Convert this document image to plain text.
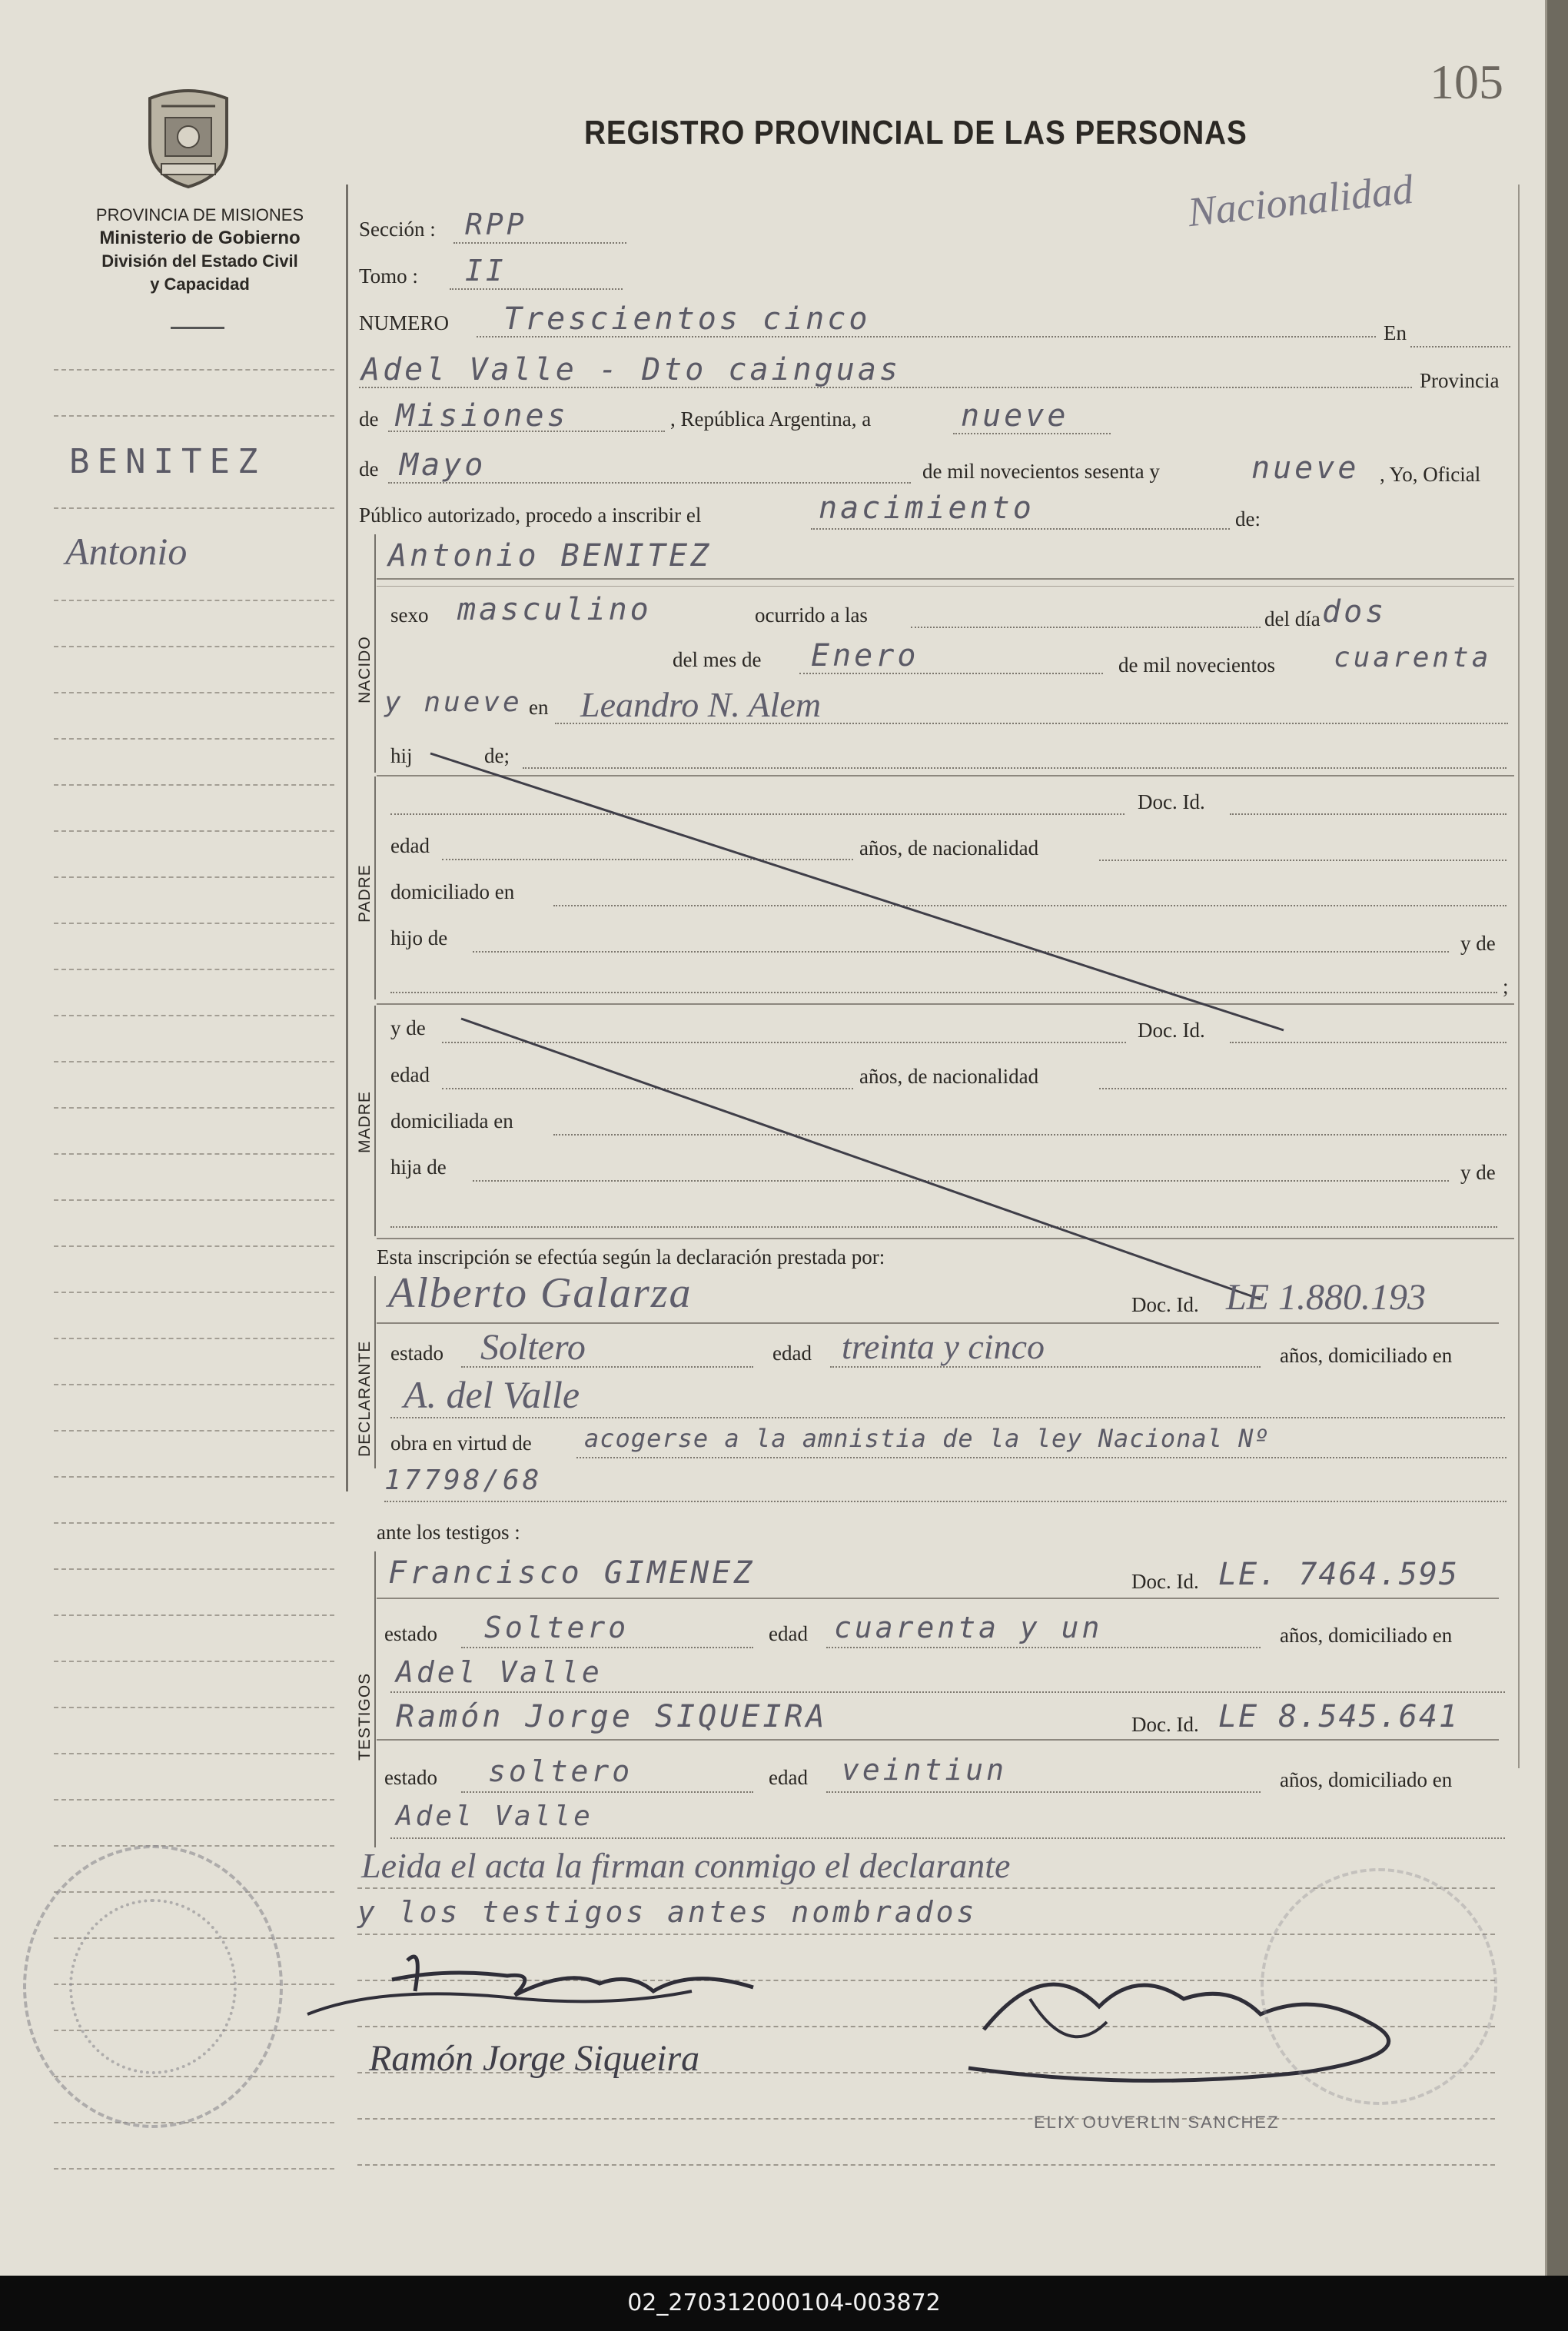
PROVINCIA DE MISIONES
Ministerio de Gobierno
División del Estado Civil
y Capacidad
REGISTRO PROVINCIAL DE LAS PERSONAS
105
Nacionalidad
BENITEZ
Antonio
Sección : RPP
Tomo : II
NUMERO Trescientos cinco	En
Adel Valle - Dto cainguas	Provincia
de Misiones	, República Argentina, a	nueve
de Mayo	de mil novecientos sesenta y	nueve , Yo, Oficial
Público autorizado, procedo a inscribir el	nacimiento	de:
NACIDO
Antonio BENITEZ
sexo masculino	ocurrido a las	del día dos
del mes de Enero	de mil novecientos cuarenta
y nueve en Leandro N. Alem
hij	de;
PADRE
Doc. Id.
edad	años, de nacionalidad
domiciliado en
hijo de	y de
;
MADRE
y de	Doc. Id.
edad	años, de nacionalidad
domiciliada en
hija de	y de
Esta inscripción se efectúa según la declaración prestada por:
DECLARANTE
Alberto Galarza	Doc. Id. LE 1.880.193
estado Soltero	edad treinta y cinco	años, domiciliado en
A. del Valle
obra en virtud de acogerse a la amnistia de la ley Nacional Nº
17798/68
ante los testigos :
TESTIGOS
Francisco GIMENEZ	Doc. Id. LE. 7464.595
estado Soltero	edad cuarenta y un	años, domiciliado en
Adel Valle
Ramón Jorge SIQUEIRA	Doc. Id. LE 8.545.641
estado soltero	edad veintiun	años, domiciliado en
Adel Valle
Leida el acta la firman conmigo el declarante
y los testigos antes nombrados
Ramón Jorge Siqueira
ELIX OUVERLIN SANCHEZ
02_270312000104-003872
